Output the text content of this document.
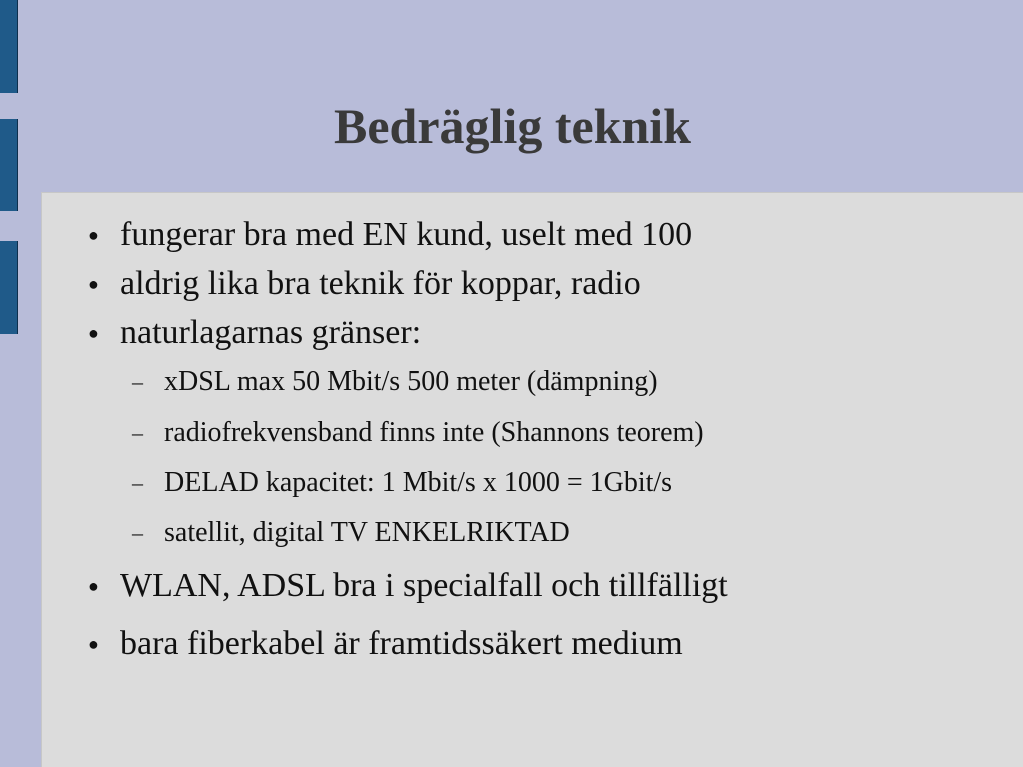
Bedräglig teknik
● fungerar bra med EN kund, uselt med 100
● aldrig lika bra teknik för koppar, radio
● naturlagarnas gränser:
– xDSL max 50 Mbit/s 500 meter (dämpning)
– radiofrekvensband finns inte (Shannons teorem)
– DELAD kapacitet: 1 Mbit/s x 1000 = 1Gbit/s
– satellit, digital TV ENKELRIKTAD
● WLAN, ADSL bra i specialfall och tillfälligt
● bara fiberkabel är framtidssäkert medium
